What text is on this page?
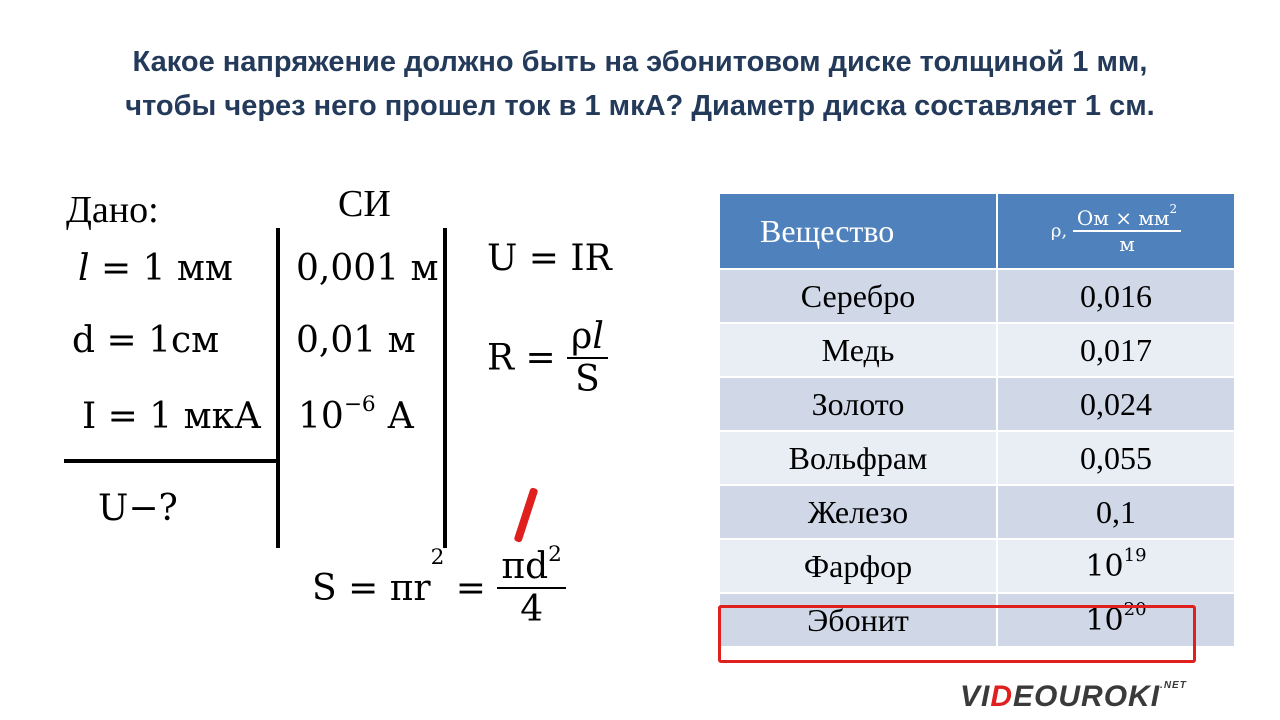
Какое напряжение должно быть на эбонитовом диске толщиной 1 мм,
чтобы через него прошел ток в 1 мкА? Диаметр диска составляет 1 см.
Дано:	СИ
𝑙 = 1 мм
d = 1см
I = 1 мкА
U−?
0,001 м
0,01 м
$10^{-6}$ А
U = IR
$R = \frac{\text{ρ𝑙}}{S}$
$S = \pi r^2 = \frac{\pi d^2}{4}$
Вещество	ρ, $\frac{Ом \times мм^2}{м}$

Серебро	0,016
Медь	0,017
Золото	0,024
Вольфрам	0,055
Железо	0,1
Фарфор	$10^{19}$
Эбонит	$10^{20}$
$VIDEOUROKI^{.NET}$
